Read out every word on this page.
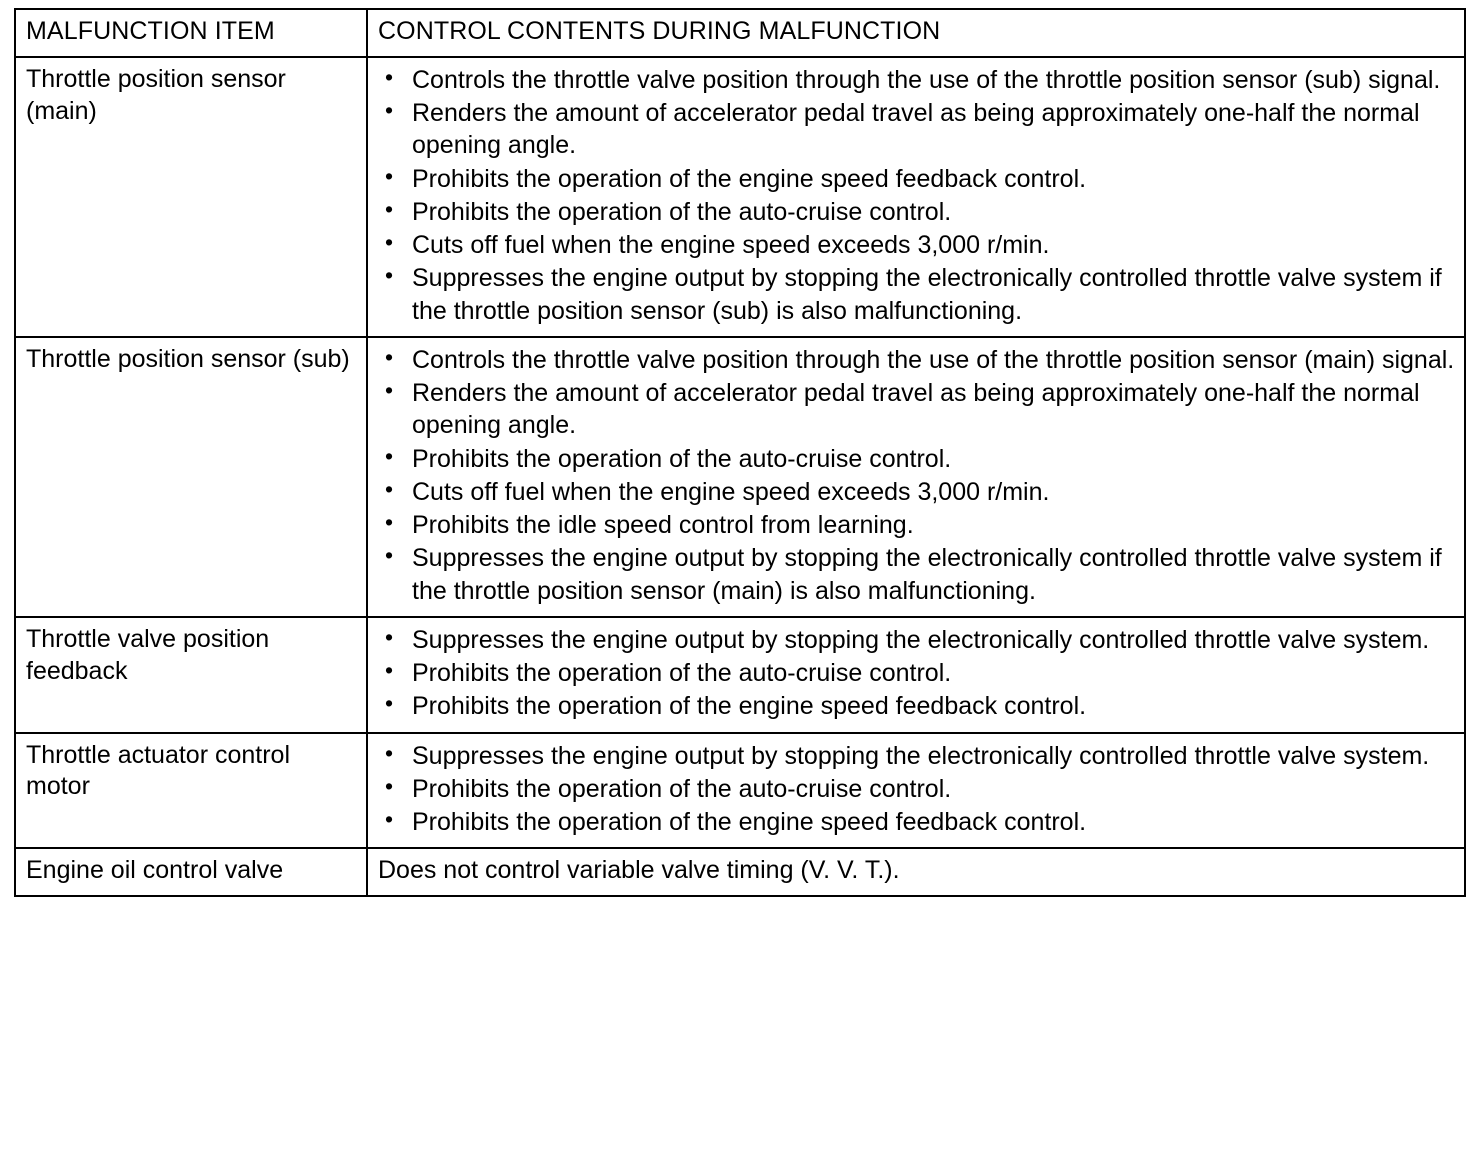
MALFUNCTION ITEM	CONTROL CONTENTS DURING MALFUNCTION
Throttle position sensor (main)	
• Controls the throttle valve position through the use of the throttle position sensor (sub) signal.
• Renders the amount of accelerator pedal travel as being approximately one-half the normal opening angle.
• Prohibits the operation of the engine speed feedback control.
• Prohibits the operation of the auto-cruise control.
• Cuts off fuel when the engine speed exceeds 3,000 r/min.
• Suppresses the engine output by stopping the electronically controlled throttle valve system if the throttle position sensor (sub) is also malfunctioning.

Throttle position sensor (sub)	
•Controls the throttle valve position through the use of the throttle position sensor (main) signal.
• Renders the amount of accelerator pedal travel as being approximately one-half the normal opening angle.
• Prohibits the operation of the auto-cruise control.
• Cuts off fuel when the engine speed exceeds 3,000 r/min.
• Prohibits the idle speed control from learning.
• Suppresses the engine output by stopping the electronically controlled throttle valve system if the throttle position sensor (main) is also malfunctioning.

Throttle valve position feedback	
• Suppresses the engine output by stopping the electronically controlled throttle valve system.
• Prohibits the operation of the auto-cruise control.
• Prohibits the operation of the engine speed feedback control.

Throttle actuator control motor	
• Suppresses the engine output by stopping the electronically controlled throttle valve system.
• Prohibits the operation of the auto-cruise control.
• Prohibits the operation of the engine speed feedback control.

Engine oil control valve	Does not control variable valve timing (V. V. T.).
